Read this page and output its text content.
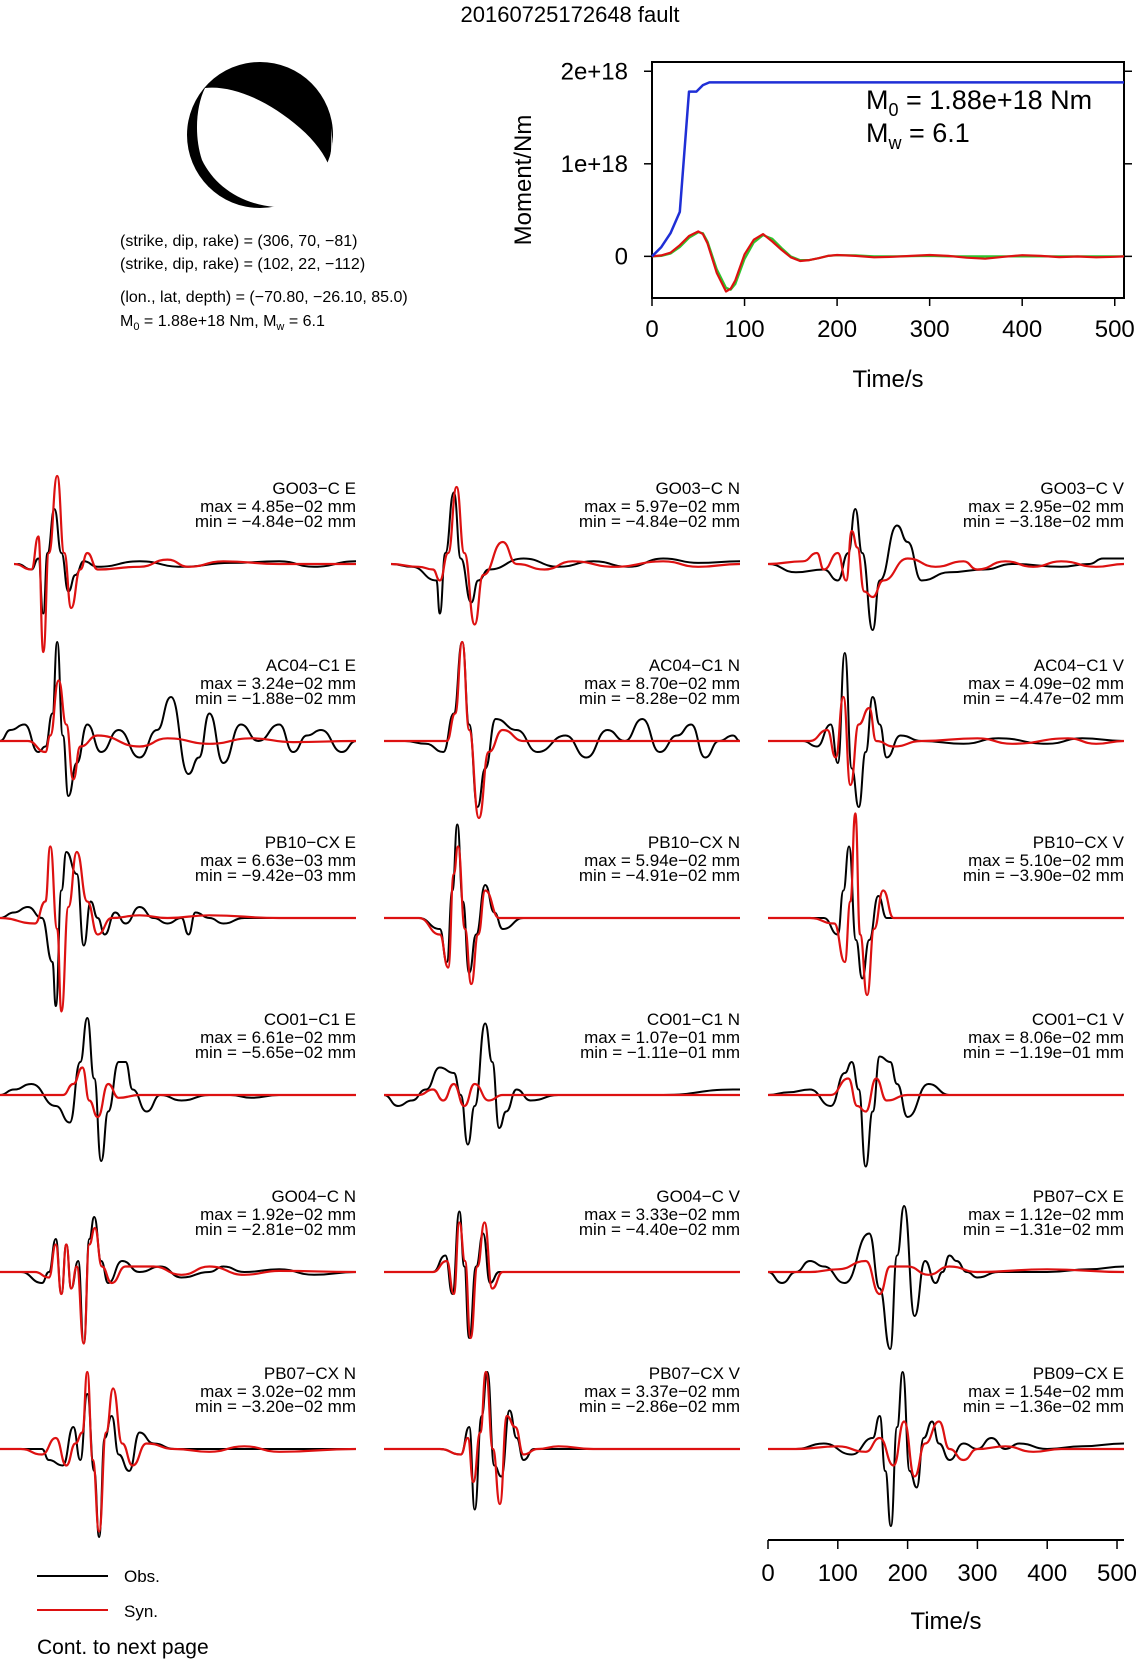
20160725172648 fault
(strike, dip, rake) = (306, 70, −81)
(strike, dip, rake) = (102, 22, −112)
(lon., lat, depth) = (−70.80, −26.10, 85.0)
$M_0 = 1.88e+18$ Nm, $M_w = 6.1$	0	100 200 300 400 500
0
1e+18
2e+18
Time/s
Moment/Nm
$M_0 = 1.88e+18$ Nm
$M_w = 6.1$
GO03−C E
max = 4.85e−02 mm
min = −4.84e−02 mm
GO03−C N
max = 5.97e−02 mm
min = −4.84e−02 mm
GO03−C V
max = 2.95e−02 mm
min = −3.18e−02 mm
AC04−C1 E
max = 3.24e−02 mm
min = −1.88e−02 mm
AC04−C1 N
max = 8.70e−02 mm
min = −8.28e−02 mm
AC04−C1 V
max = 4.09e−02 mm
min = −4.47e−02 mm
PB10−CX E
max = 6.63e−03 mm
min = −9.42e−03 mm
PB10−CX N
max = 5.94e−02 mm
min = −4.91e−02 mm
PB10−CX V
max = 5.10e−02 mm
min = −3.90e−02 mm
CO01−C1 E
max = 6.61e−02 mm
min = −5.65e−02 mm
CO01−C1 N
max = 1.07e−01 mm
min = −1.11e−01 mm
CO01−C1 V
max = 8.06e−02 mm
min = −1.19e−01 mm
GO04−C N
max = 1.92e−02 mm
min = −2.81e−02 mm
GO04−C V
max = 3.33e−02 mm
min = −4.40e−02 mm
PB07−CX E
max = 1.12e−02 mm
min = −1.31e−02 mm
PB07−CX N
max = 3.02e−02 mm
min = −3.20e−02 mm
PB07−CX V
max = 3.37e−02 mm
min = −2.86e−02 mm
PB09−CX E
max = 1.54e−02 mm
min = −1.36e−02 mm
0 100 200 300 400 500
Time/s
Obs.
Syn.
Cont. to next page
